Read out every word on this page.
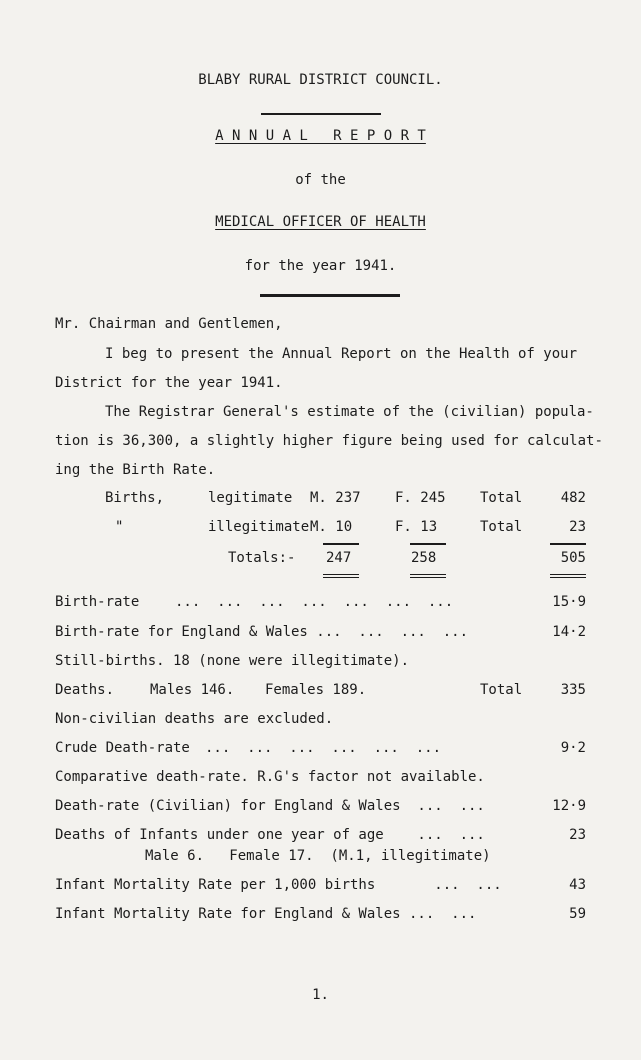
BLABY RURAL DISTRICT COUNCIL.
A N N U A L   R E P O R T
of the
MEDICAL OFFICER OF HEALTH
for the year 1941.
Mr. Chairman and Gentlemen,
I beg to present the Annual Report on the Health of your
District for the year 1941.
The Registrar General's estimate of the (civilian) popula-
tion is 36,300, a slightly higher figure being used for calculat-
ing the Birth Rate.
Births,	legitimate M. 237 F. 245 Total	482
"	illegitimate M. 10	F. 13	Total	23
Totals:- 247	258	505
Birth-rate	...  ...  ...  ...  ...  ...  ...	15·9
Birth-rate for England & Wales ...  ...  ...  ...	14·2
Still-births. 18 (none were illegitimate).
Deaths.	Males 146. Females 189.	Total	335
Non-civilian deaths are excluded.
Crude Death-rate ...  ...  ...  ...  ...  ...	9·2
Comparative death-rate. R.G's factor not available.
Death-rate (Civilian) for England & Wales  ...  ...	12·9
Deaths of Infants under one year of age    ...  ...	23
Male 6.   Female 17.  (M.1, illegitimate)
Infant Mortality Rate per 1,000 births       ...  ...	43
Infant Mortality Rate for England & Wales ...  ...	59
1.
